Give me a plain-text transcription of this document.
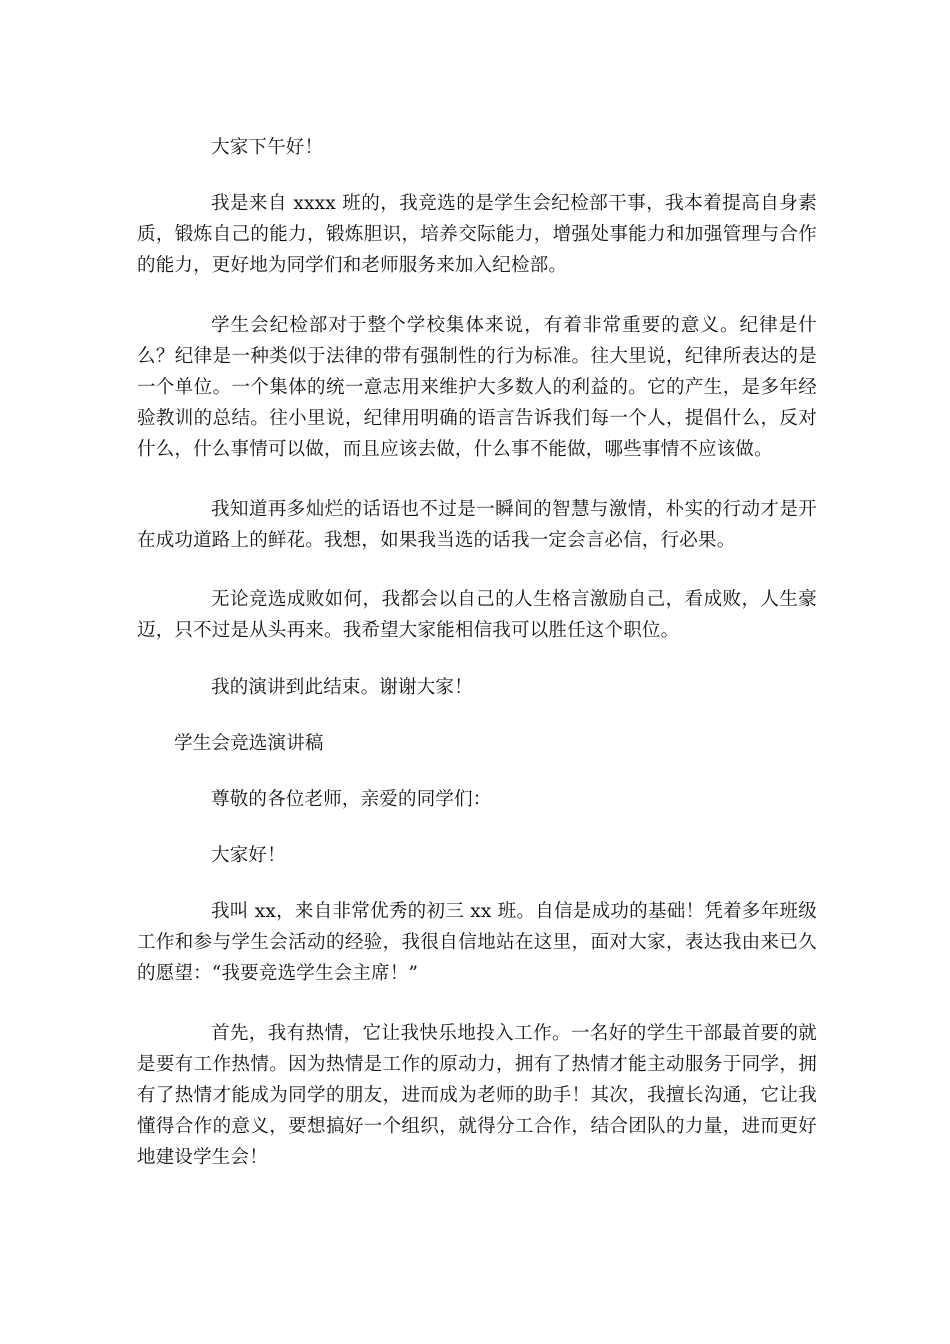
大家下午好！

我是来自 xxxx 班的，我竞选的是学生会纪检部干事，我本着提高自身素质，锻炼自己的能力，锻炼胆识，培养交际能力，增强处事能力和加强管理与合作的能力，更好地为同学们和老师服务来加入纪检部。

学生会纪检部对于整个学校集体来说，有着非常重要的意义。纪律是什么？纪律是一种类似于法律的带有强制性的行为标准。往大里说，纪律所表达的是一个单位。一个集体的统一意志用来维护大多数人的利益的。它的产生，是多年经验教训的总结。往小里说，纪律用明确的语言告诉我们每一个人，提倡什么，反对什么，什么事情可以做，而且应该去做，什么事不能做，哪些事情不应该做。

我知道再多灿烂的话语也不过是一瞬间的智慧与激情，朴实的行动才是开在成功道路上的鲜花。我想，如果我当选的话我一定会言必信，行必果。

无论竞选成败如何，我都会以自己的人生格言激励自己，看成败，人生豪迈，只不过是从头再来。我希望大家能相信我可以胜任这个职位。

我的演讲到此结束。谢谢大家！

学生会竞选演讲稿

尊敬的各位老师，亲爱的同学们：

大家好！

我叫 xx，来自非常优秀的初三 xx 班。自信是成功的基础！凭着多年班级工作和参与学生会活动的经验，我很自信地站在这里，面对大家，表达我由来已久的愿望：“我要竞选学生会主席！”

首先，我有热情，它让我快乐地投入工作。一名好的学生干部最首要的就是要有工作热情。因为热情是工作的原动力，拥有了热情才能主动服务于同学，拥有了热情才能成为同学的朋友，进而成为老师的助手！其次，我擅长沟通，它让我懂得合作的意义，要想搞好一个组织，就得分工合作，结合团队的力量，进而更好地建设学生会！
